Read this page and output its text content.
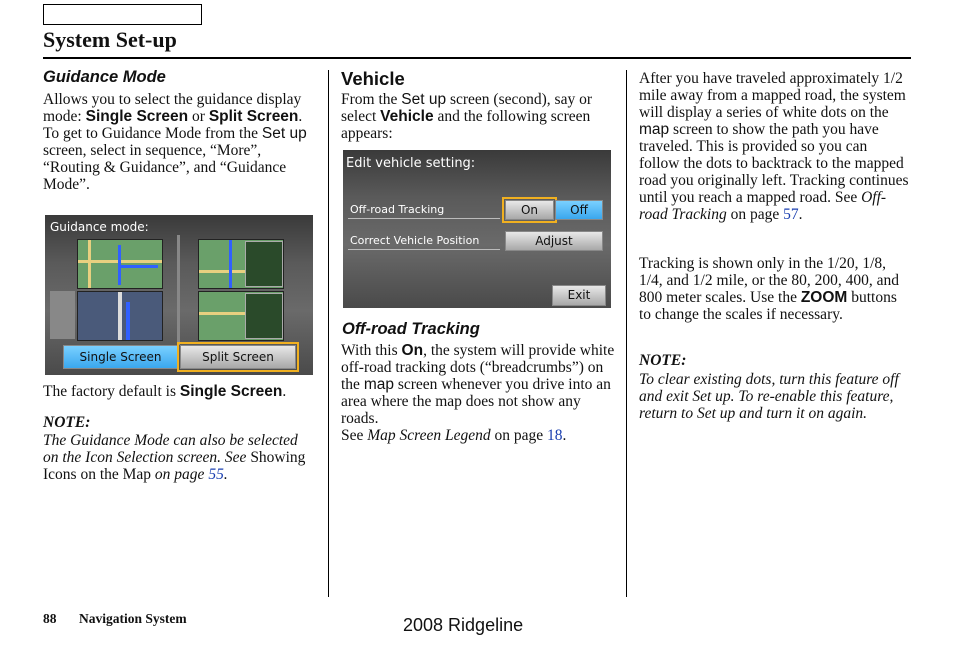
System Set-up
Guidance Mode
Allows you to select the guidance display mode: Single Screen or Split Screen.
To get to Guidance Mode from the Set up screen, select in sequence, “More”, “Routing & Guidance”, and “Guidance Mode”.
Guidance mode:
Single Screen	Split Screen
The factory default is Single Screen.
NOTE:
The Guidance Mode can also be selected on the Icon Selection screen. See Showing Icons on the Map on page 55.
Vehicle
From the Set up screen (second), say or select Vehicle and the following screen appears:
Edit vehicle setting:
Off-road Tracking	On	Off
Correct Vehicle Position	Adjust
Exit
Off-road Tracking
With this On, the system will provide white off-road tracking dots (“breadcrumbs”) on the map screen whenever you drive into an area where the map does not show any roads.
See Map Screen Legend on page 18.
After you have traveled approximately 1/2 mile away from a mapped road, the system will display a series of white dots on the map screen to show the path you have traveled. This is provided so you can follow the dots to backtrack to the mapped road you originally left. Tracking continues until you reach a mapped road. See Off-road Tracking on page 57.
Tracking is shown only in the 1/20, 1/8, 1/4, and 1/2 mile, or the 80, 200, 400, and 800 meter scales. Use the ZOOM buttons to change the scales if necessary.
NOTE:
To clear existing dots, turn this feature off and exit Set up. To re-enable this feature, return to Set up and turn it on again.
88 Navigation System	2008 Ridgeline
